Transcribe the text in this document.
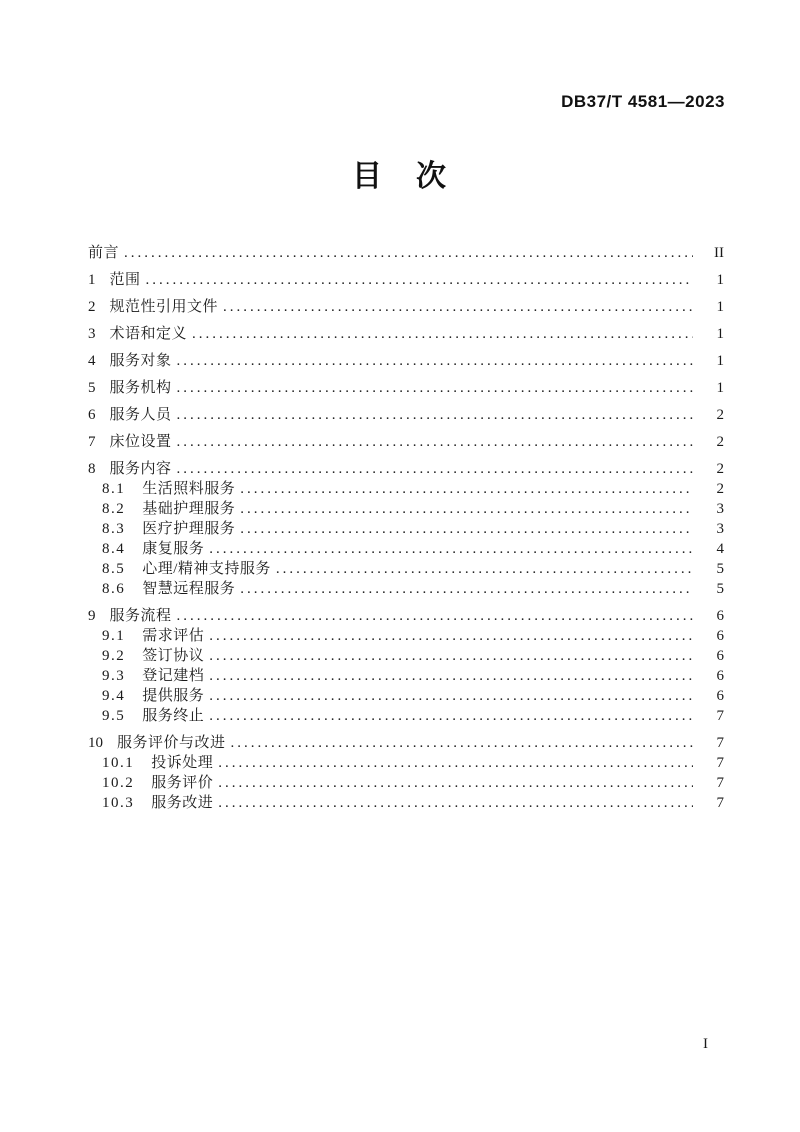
DB37/T 4581—2023
目　次
前言 .....	II
1 范围 .....	1
2 规范性引用文件 .....	1
3 术语和定义 .....	1
4 服务对象 .....	1
5 服务机构 .....	1
6 服务人员 .....	2
7 床位设置 .....	2
8 服务内容 .....	2
8.1 生活照料服务 .....	2
8.2 基础护理服务 .....	3
8.3 医疗护理服务 .....	3
8.4 康复服务 .....	4
8.5 心理/精神支持服务 .....	5
8.6 智慧远程服务 .....	5
9 服务流程 .....	6
9.1 需求评估 .....	6
9.2 签订协议 .....	6
9.3 登记建档 .....	6
9.4 提供服务 .....	6
9.5 服务终止 .....	7
10 服务评价与改进 .....	7
10.1 投诉处理 .....	7
10.2 服务评价 .....	7
10.3 服务改进 .....	7
I
